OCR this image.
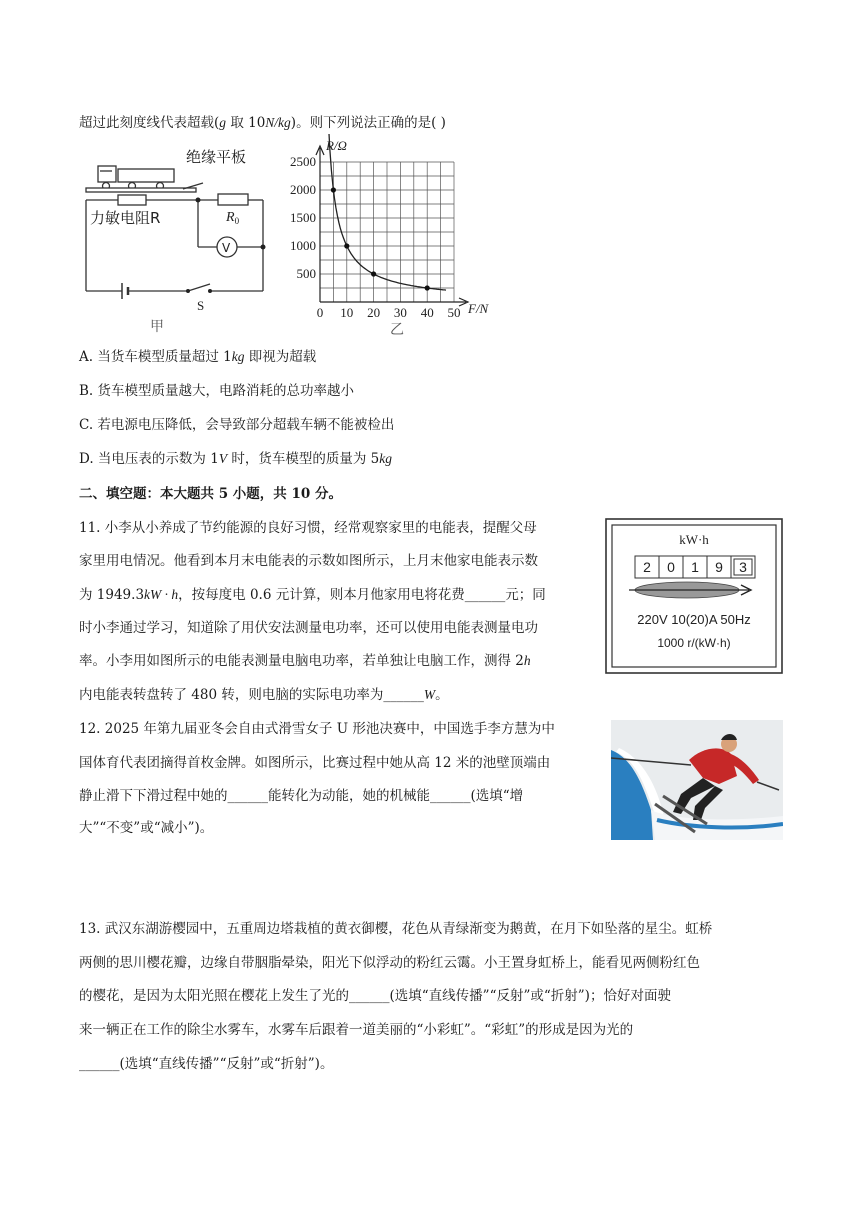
超过此刻度线代表超载(g 取 10N/kg)。则下列说法正确的是( )
绝缘平板
力敏电阻R	$R_0$
V
S
甲
0 10 20 30 40 50
500
1000
1500
2000
2500
R/Ω
F/N
乙
A. 当货车模型质量超过 1kg 即视为超载
B. 货车模型质量越大，电路消耗的总功率越小
C. 若电源电压降低，会导致部分超载车辆不能被检出
D. 当电压表的示数为 1V 时，货车模型的质量为 5kg
二、填空题：本大题共 5 小题，共 10 分。
11. 小李从小养成了节约能源的良好习惯，经常观察家里的电能表，提醒父母
家里用电情况。他看到本月末电能表的示数如图所示，上月末他家电能表示数
为 1949.3kW · h，按每度电 0.6 元计算，则本月他家用电将花费______元；同
时小李通过学习，知道除了用伏安法测量电功率，还可以使用电能表测量电功
率。小李用如图所示的电能表测量电脑电功率，若单独让电脑工作，测得 2h
内电能表转盘转了 480 转，则电脑的实际电功率为______W。
kW·h
2 0 1 9 3
220V 10(20)A 50Hz
1000 r/(kW·h)
12. 2025 年第九届亚冬会自由式滑雪女子 U 形池决赛中，中国选手李方慧为中
国体育代表团摘得首枚金牌。如图所示，比赛过程中她从高 12 米的池壁顶端由
静止滑下下滑过程中她的______能转化为动能，她的机械能______(选填“增
大”“不变”或“减小”)。
13. 武汉东湖游樱园中，五重周边塔栽植的黄衣御樱，花色从青绿渐变为鹅黄，在月下如坠落的星尘。虹桥
两侧的思川樱花瓣，边缘自带胭脂晕染，阳光下似浮动的粉红云霭。小王置身虹桥上，能看见两侧粉红色
的樱花，是因为太阳光照在樱花上发生了光的______(选填“直线传播”“反射”或“折射”)；恰好对面驶
来一辆正在工作的除尘水雾车，水雾车后跟着一道美丽的“小彩虹”。“彩虹”的形成是因为光的
______(选填“直线传播”“反射”或“折射”)。
